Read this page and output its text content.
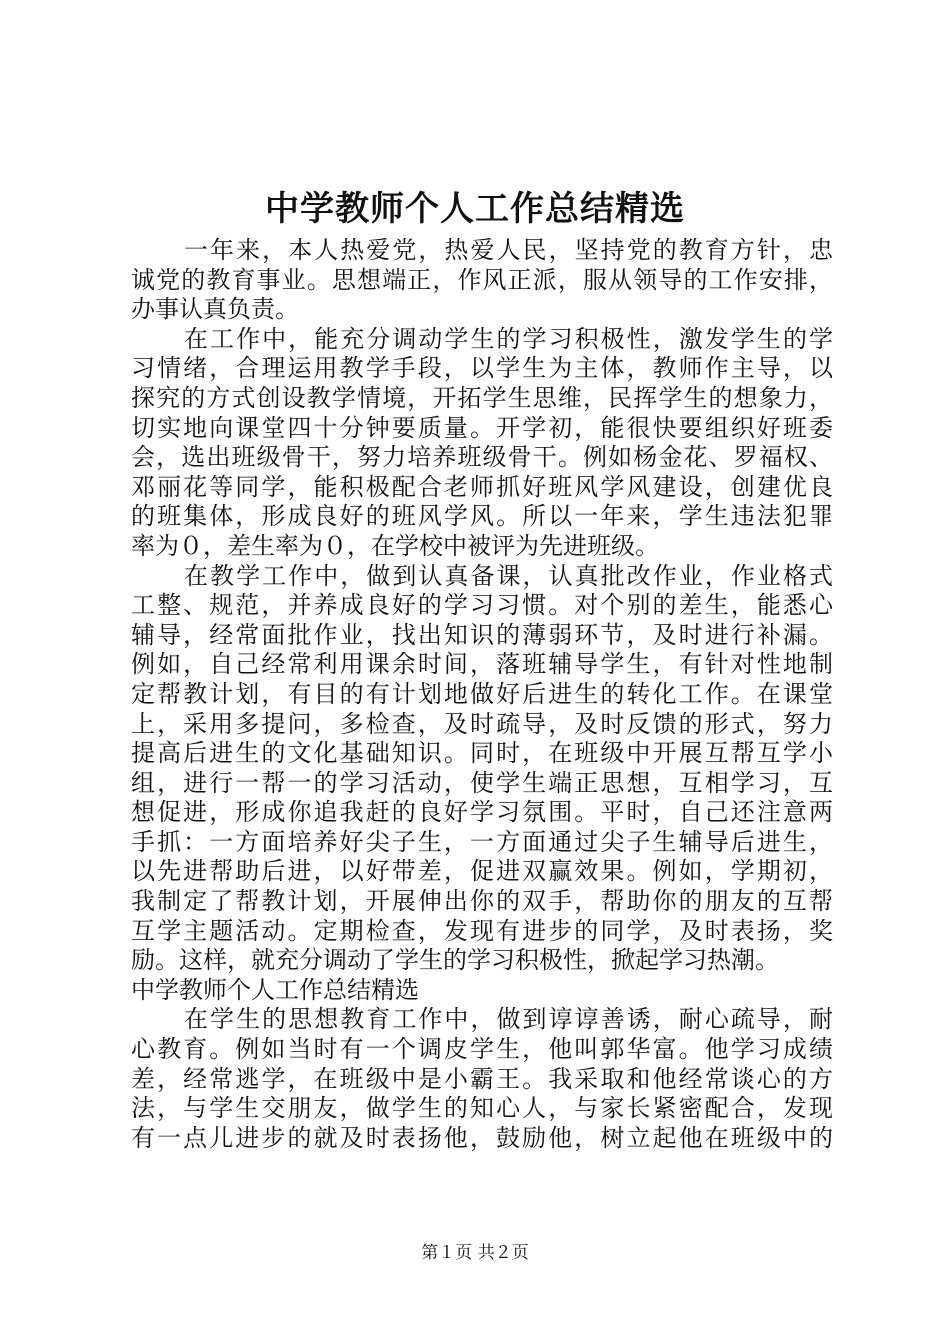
中学教师个人工作总结精选
一年来，本人热爱党，热爱人民，坚持党的教育方针，忠
诚党的教育事业。思想端正，作风正派，服从领导的工作安排，
办事认真负责。
在工作中，能充分调动学生的学习积极性，激发学生的学
习情绪，合理运用教学手段，以学生为主体，教师作主导，以
探究的方式创设教学情境，开拓学生思维，民挥学生的想象力，
切实地向课堂四十分钟要质量。开学初，能很快要组织好班委
会，选出班级骨干，努力培养班级骨干。例如杨金花、罗福权、
邓丽花等同学，能积极配合老师抓好班风学风建设，创建优良
的班集体，形成良好的班风学风。所以一年来，学生违法犯罪
率为０，差生率为０，在学校中被评为先进班级。
在教学工作中，做到认真备课，认真批改作业，作业格式
工整、规范，并养成良好的学习习惯。对个别的差生，能悉心
辅导，经常面批作业，找出知识的薄弱环节，及时进行补漏。
例如，自己经常利用课余时间，落班辅导学生，有针对性地制
定帮教计划，有目的有计划地做好后进生的转化工作。在课堂
上，采用多提问，多检查，及时疏导，及时反馈的形式，努力
提高后进生的文化基础知识。同时，在班级中开展互帮互学小
组，进行一帮一的学习活动，使学生端正思想，互相学习，互
想促进，形成你追我赶的良好学习氛围。平时，自己还注意两
手抓：一方面培养好尖子生，一方面通过尖子生辅导后进生，
以先进帮助后进，以好带差，促进双赢效果。例如，学期初，
我制定了帮教计划，开展伸出你的双手，帮助你的朋友的互帮
互学主题活动。定期检查，发现有进步的同学，及时表扬，奖
励。这样，就充分调动了学生的学习积极性，掀起学习热潮。
中学教师个人工作总结精选
在学生的思想教育工作中，做到谆谆善诱，耐心疏导，耐
心教育。例如当时有一个调皮学生，他叫郭华富。他学习成绩
差，经常逃学，在班级中是小霸王。我采取和他经常谈心的方
法，与学生交朋友，做学生的知心人，与家长紧密配合，发现
有一点儿进步的就及时表扬他，鼓励他，树立起他在班级中的
第１页 共２页
